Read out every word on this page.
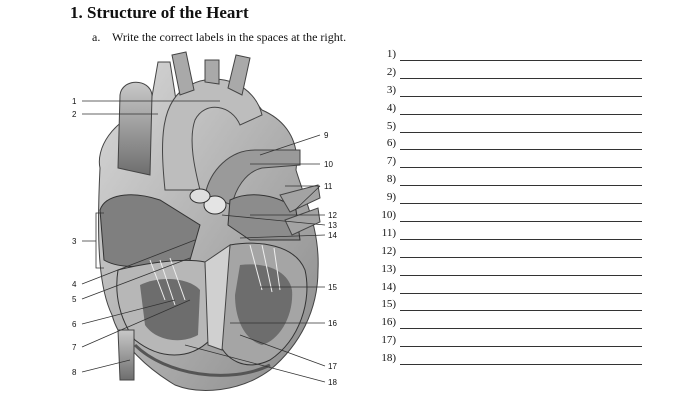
1. Structure of the Heart
a. Write the correct labels in the spaces at the right.
1
2
3
4
5
6
7
8
9
10
11
12
13
14
15
16
17
18
1)
2)
3)
4)
5)
6)
7)
8)
9)
10)
11)
12)
13)
14)
15)
16)
17)
18)
